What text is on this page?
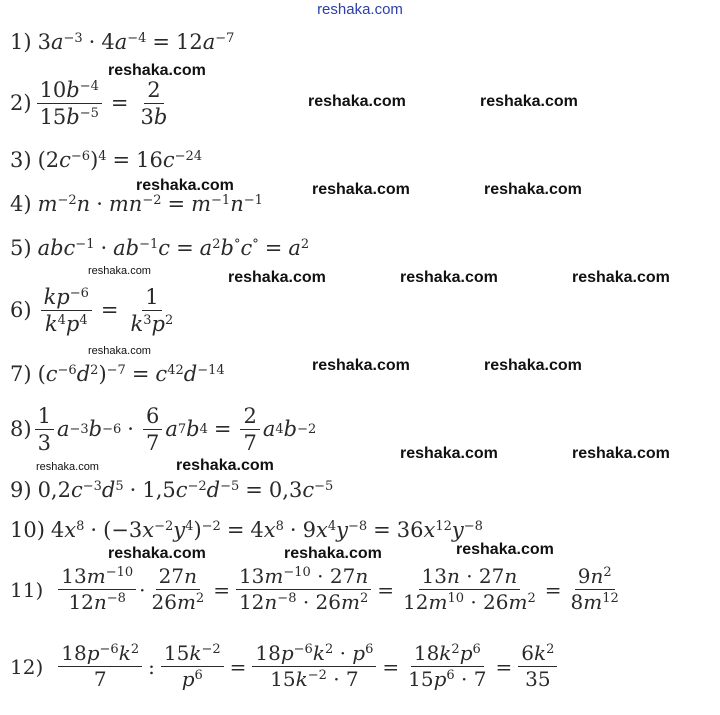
reshaka.com
1) $3a^{-3} \cdot 4a^{-4} = 12a^{-7}$
$2) \frac{10b^{-4}}{15b^{-5}} = \frac{2}{3b}$
3) $(2c^{-6})^4 = 16c^{-24}$
4) $m^{-2}n \cdot mn^{-2} = m^{-1}n^{-1}$
5) $abc^{-1} \cdot ab^{-1}c = a^2b^\circ c^\circ = a^2$
$6) \frac{kp^{-6}}{k^4p^4} = \frac{1}{k^3p^2}$
7) $(c^{-6}d^2)^{-7} = c^{42}d^{-14}$
$8) \frac{1}{3}$ a −3 $b -6 \cdot \frac{6}{7}$ a 7 b $4 = \frac{2}{7}$ a 4 b −2
9) $0,2c^{-3}d^5 \cdot 1,5c^{-2}d^{-5} = 0,3c^{-5}$
10) $4x^8 \cdot (-3x^{-2}y^4)^{-2} = 4x^8 \cdot 9x^4y^{-8} = 36x^{12}y^{-8}$
$11) \frac{13m^{-10}}{12n^{-8}} \cdot \frac{27n}{26m^2} = \frac{13m^{-10} \cdot 27n}{12n^{-8} \cdot 26m^2} = \frac{13n \cdot 27n}{12m^{10} \cdot 26m^2} = \frac{9n^2}{8m^{12}}$
$12) \frac{18p^{-6}k^2}{7}$ : $\frac{15k^{-2}}{p^6} = \frac{18p^{-6}k^2 \cdot p^6}{15k^{-2} \cdot 7} = \frac{18k^2p^6}{15p^6 \cdot 7} = \frac{6k^2}{35}$
reshaka.com
reshaka.com	reshaka.com
reshaka.com	reshaka.com	reshaka.com
reshaka.com	reshaka.com	reshaka.com	reshaka.com
reshaka.com
reshaka.com	reshaka.com
reshaka.com	reshaka.com
reshaka.com	reshaka.com
reshaka.com	reshaka.com	reshaka.com
